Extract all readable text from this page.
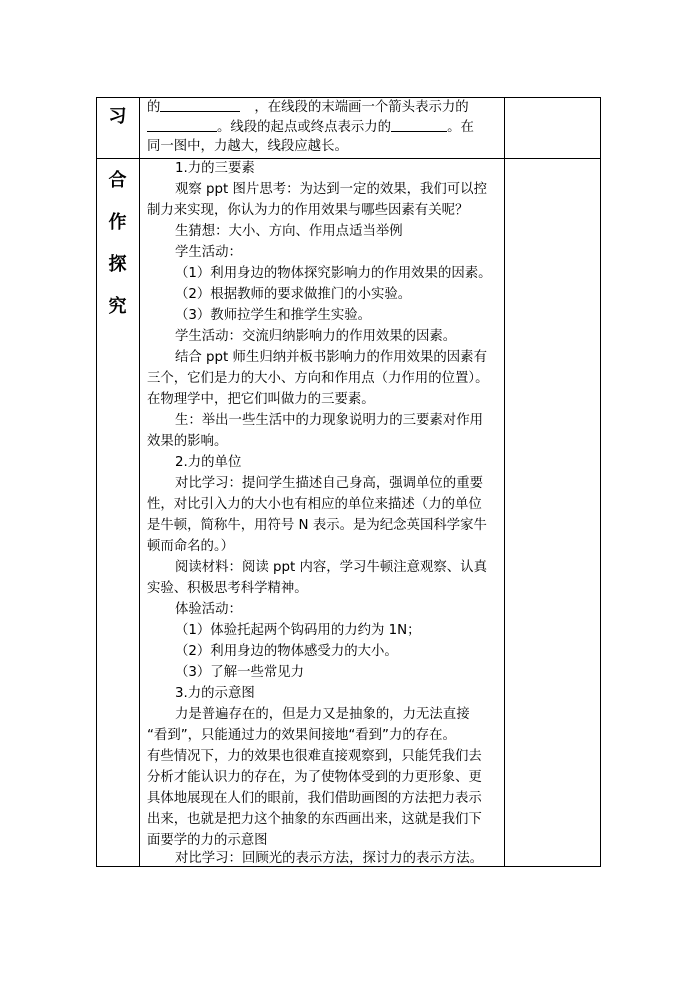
习
合
作
探
究
的	，在线段的末端画一个箭头表示力的
。线段的起点或终点表示力的	。在
同一图中，力越大，线段应越长。
1.力的三要素
观察 ppt 图片思考：为达到一定的效果，我们可以控
制力来实现，你认为力的作用效果与哪些因素有关呢？
生猜想：大小、方向、作用点适当举例
学生活动：
（1）利用身边的物体探究影响力的作用效果的因素。
（2）根据教师的要求做推门的小实验。
（3）教师拉学生和推学生实验。
学生活动：交流归纳影响力的作用效果的因素。
结合 ppt 师生归纳并板书影响力的作用效果的因素有
三个，它们是力的大小、方向和作用点（力作用的位置）。
在物理学中，把它们叫做力的三要素。
生：举出一些生活中的力现象说明力的三要素对作用
效果的影响。
2.力的单位
对比学习：提问学生描述自己身高，强调单位的重要
性，对比引入力的大小也有相应的单位来描述（力的单位
是牛顿，简称牛，用符号 N 表示。是为纪念英国科学家牛
顿而命名的。）
阅读材料：阅读 ppt 内容，学习牛顿注意观察、认真
实验、积极思考科学精神。
体验活动：
（1）体验托起两个钩码用的力约为 1N；
（2）利用身边的物体感受力的大小。
（3）了解一些常见力
3.力的示意图
力是普遍存在的，但是力又是抽象的，力无法直接
“看到”，只能通过力的效果间接地“看到”力的存在。
有些情况下，力的效果也很难直接观察到，只能凭我们去
分析才能认识力的存在，为了使物体受到的力更形象、更
具体地展现在人们的眼前，我们借助画图的方法把力表示
出来，也就是把力这个抽象的东西画出来，这就是我们下
面要学的力的示意图
对比学习：回顾光的表示方法，探讨力的表示方法。
